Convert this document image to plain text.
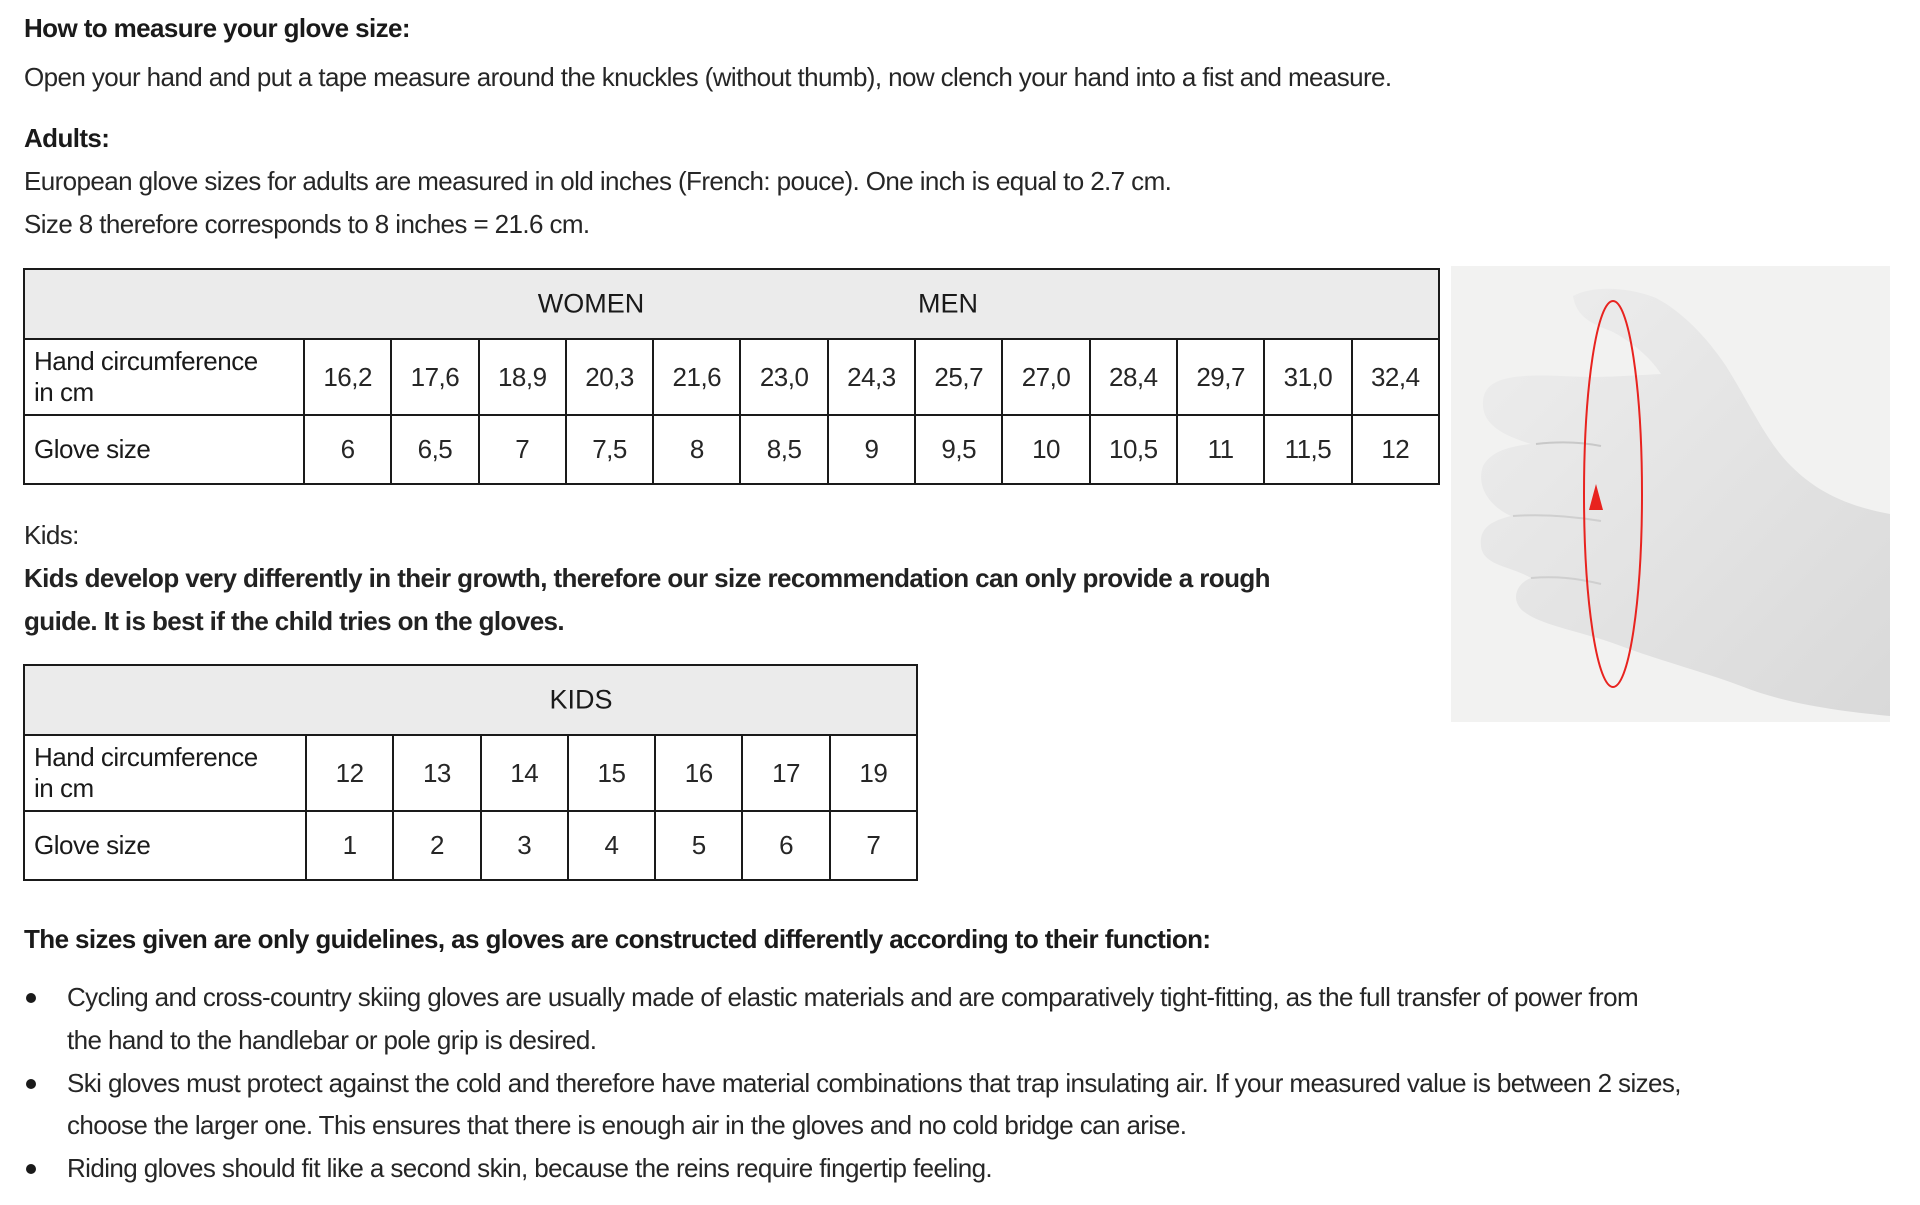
How to measure your glove size:
Open your hand and put a tape measure around the knuckles (without thumb), now clench your hand into a fist and measure.
Adults:
European glove sizes for adults are measured in old inches (French: pouce). One inch is equal to 2.7 cm.
Size 8 therefore corresponds to 8 inches = 21.6 cm.
WOMEN MEN													

Hand circumference
in cm	16,2	17,6	18,9	20,3	21,6	23,0	24,3	25,7	27,0	28,4	29,7	31,0	32,4
Glove size	6	6,5	7	7,5	8	8,5	9	9,5	10	10,5	11	11,5	12
Kids:
Kids develop very differently in their growth, therefore our size recommendation can only provide a rough
guide. It is best if the child tries on the gloves.
KIDS							

Hand circumference
in cm	12	13	14	15	16	17	19
Glove size	1	2	3	4	5	6	7
The sizes given are only guidelines, as gloves are constructed differently according to their function:
Cycling and cross-country skiing gloves are usually made of elastic materials and are comparatively tight-fitting, as the full transfer of power from
the hand to the handlebar or pole grip is desired.
Ski gloves must protect against the cold and therefore have material combinations that trap insulating air. If your measured value is between 2 sizes,
choose the larger one. This ensures that there is enough air in the gloves and no cold bridge can arise.
Riding gloves should fit like a second skin, because the reins require fingertip feeling.
